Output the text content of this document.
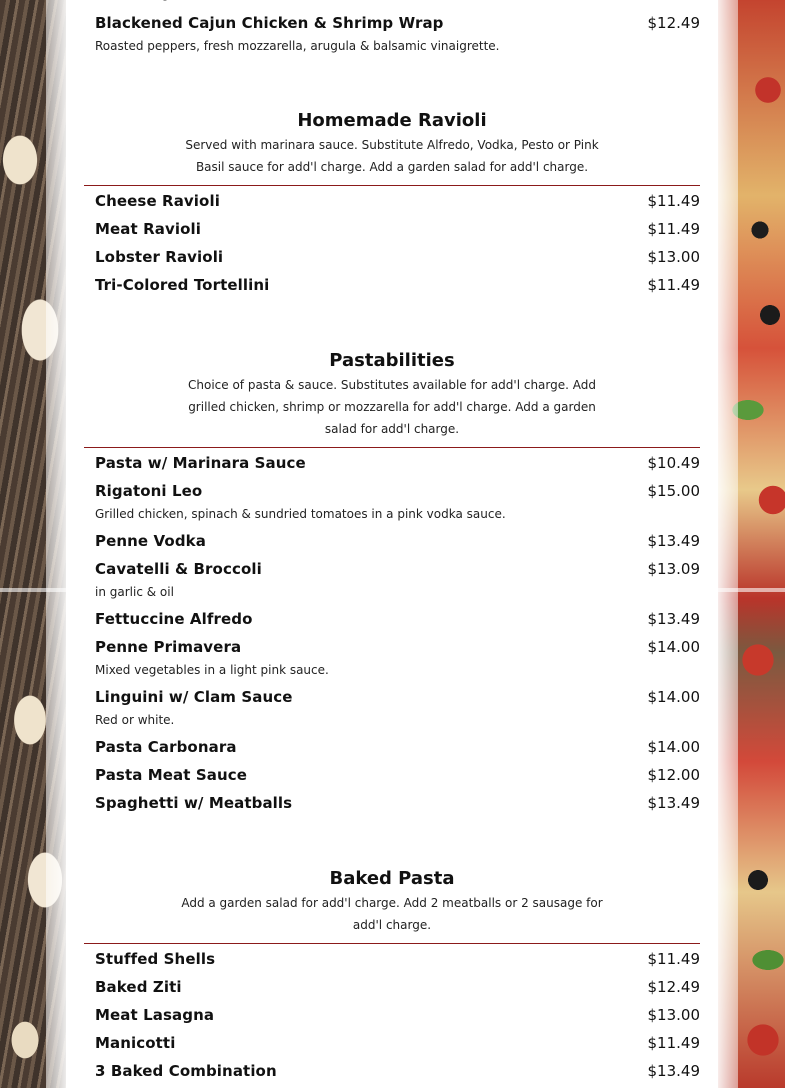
Blackened Cajun Chicken & Shrimp Wrap	$12.49
Roasted peppers, fresh mozzarella, arugula & balsamic vinaigrette.
Homemade Ravioli
Served with marinara sauce. Substitute Alfredo, Vodka, Pesto or Pink Basil sauce for add'l charge. Add a garden salad for add'l charge.
Cheese Ravioli	$11.49
Meat Ravioli	$11.49
Lobster Ravioli	$13.00
Tri-Colored Tortellini	$11.49
Pastabilities
Choice of pasta & sauce. Substitutes available for add'l charge. Add grilled chicken, shrimp or mozzarella for add'l charge. Add a garden salad for add'l charge.
Pasta w/ Marinara Sauce	$10.49
Rigatoni Leo	$15.00
Grilled chicken, spinach & sundried tomatoes in a pink vodka sauce.
Penne Vodka	$13.49
Cavatelli & Broccoli	$13.09
in garlic & oil
Fettuccine Alfredo	$13.49
Penne Primavera	$14.00
Mixed vegetables in a light pink sauce.
Linguini w/ Clam Sauce	$14.00
Red or white.
Pasta Carbonara	$14.00
Pasta Meat Sauce	$12.00
Spaghetti w/ Meatballs	$13.49
Baked Pasta
Add a garden salad for add'l charge. Add 2 meatballs or 2 sausage for add'l charge.
Stuffed Shells	$11.49
Baked Ziti	$12.49
Meat Lasagna	$13.00
Manicotti	$11.49
3 Baked Combination	$13.49
